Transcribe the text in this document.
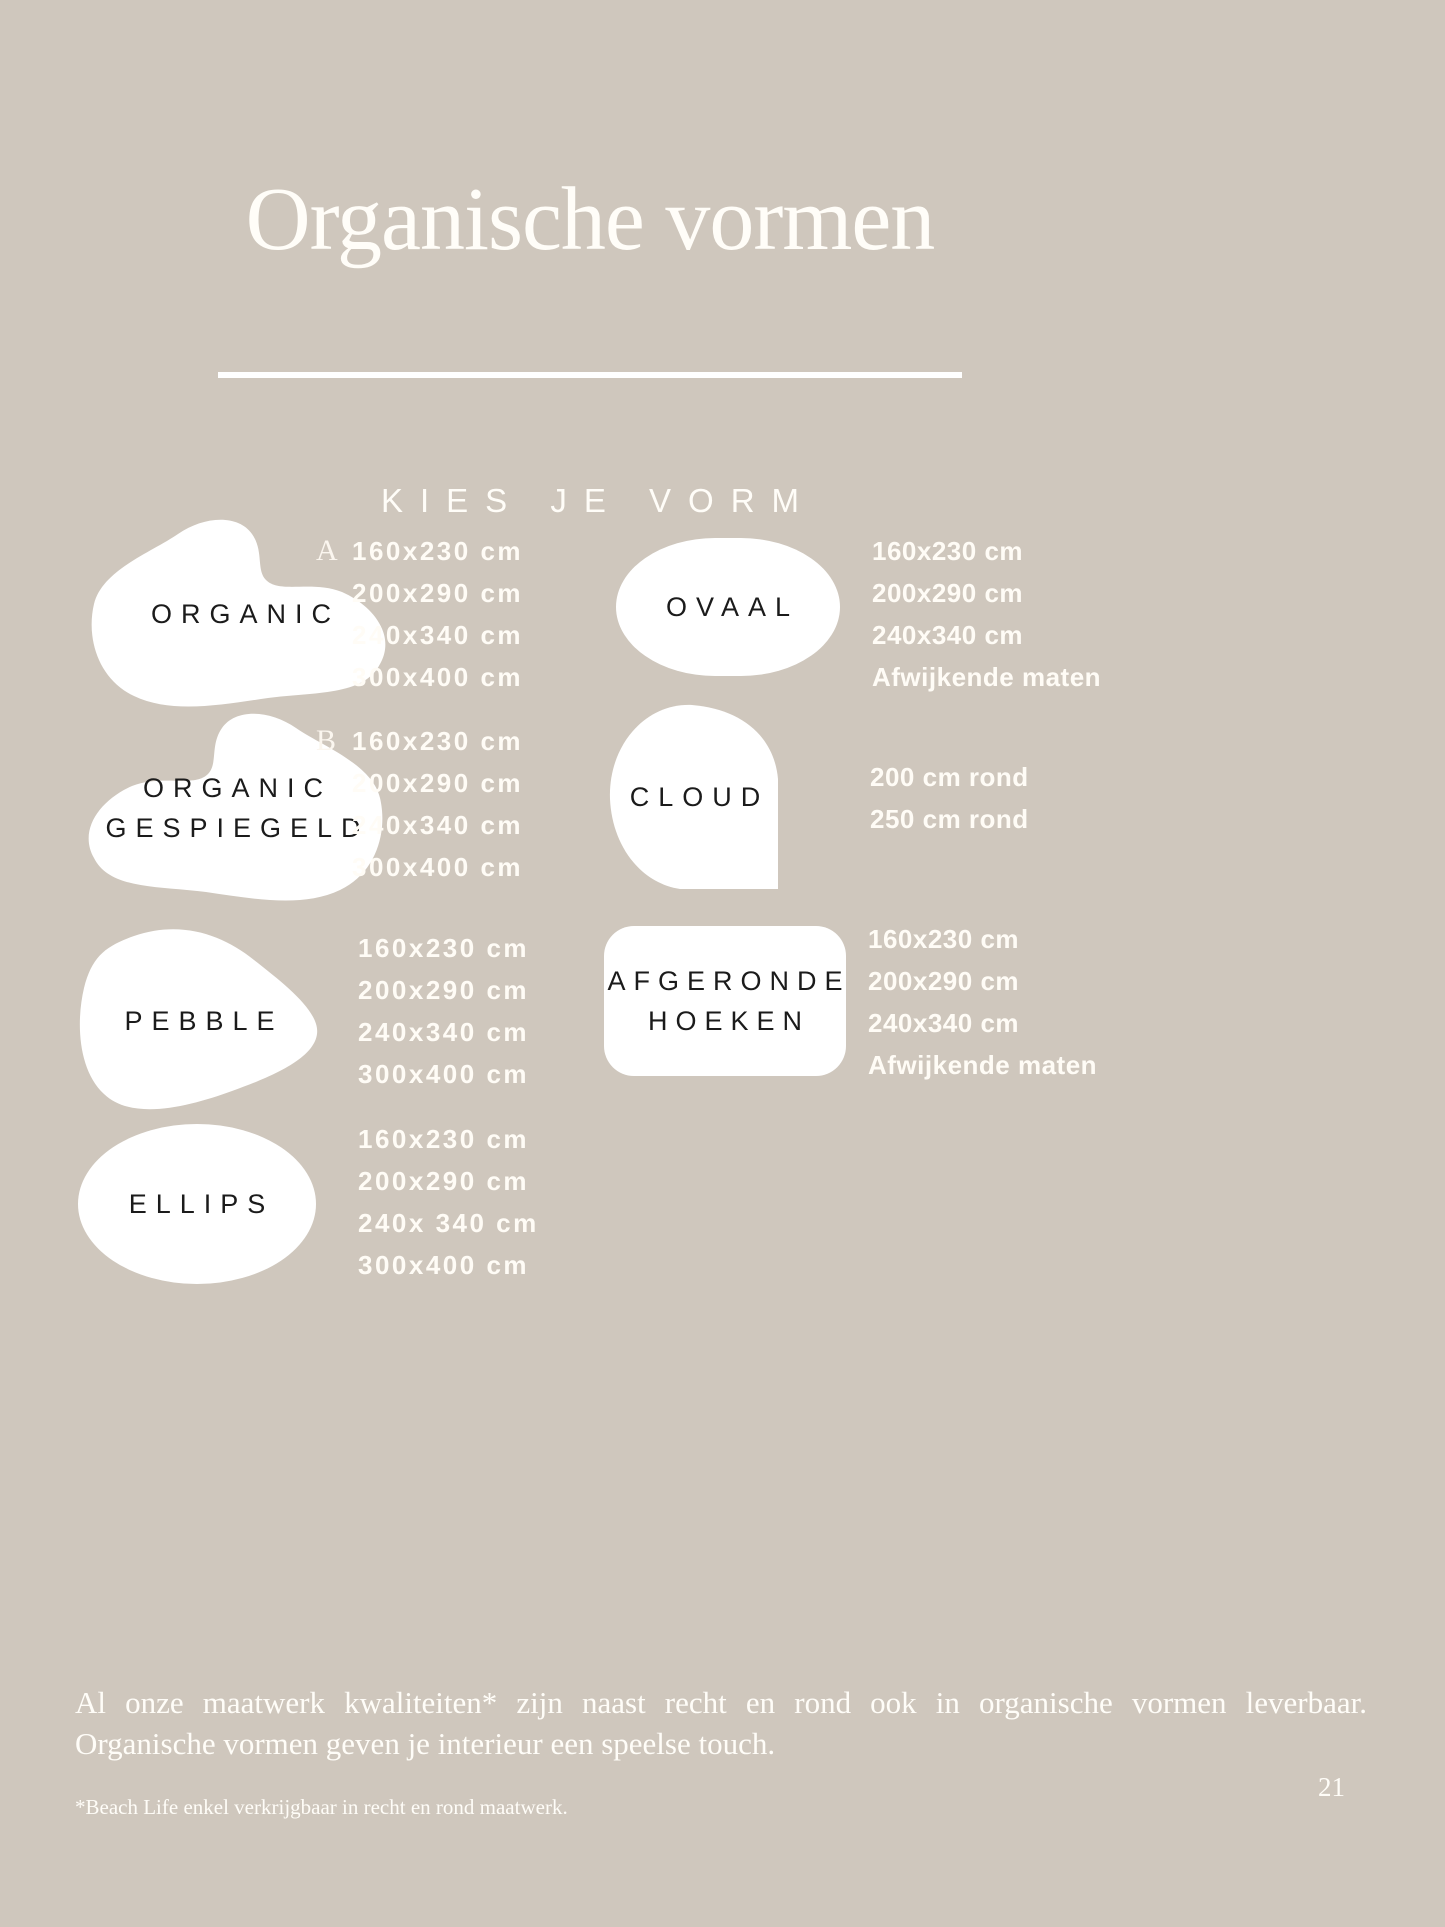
Organische vormen
KIES JE VORM
ORGANIC
A 160x230 cm
200x290 cm
240x340 cm
300x400 cm
ORGANIC
GESPIEGELD
B 160x230 cm
200x290 cm
240x340 cm
300x400 cm
PEBBLE
160x230 cm
200x290 cm
240x340 cm
300x400 cm
ELLIPS
160x230 cm
200x290 cm
240x 340 cm
300x400 cm
OVAAL
160x230 cm
200x290 cm
240x340 cm
Afwijkende maten
CLOUD
200 cm rond
250 cm rond
AFGERONDE
HOEKEN
160x230 cm
200x290 cm
240x340 cm
Afwijkende maten

Al onze maatwerk kwaliteiten* zijn naast recht en rond ook in organische vormen leverbaar. Organische vormen geven je interieur een speelse touch.

*Beach Life enkel verkrijgbaar in recht en rond maatwerk.

21
